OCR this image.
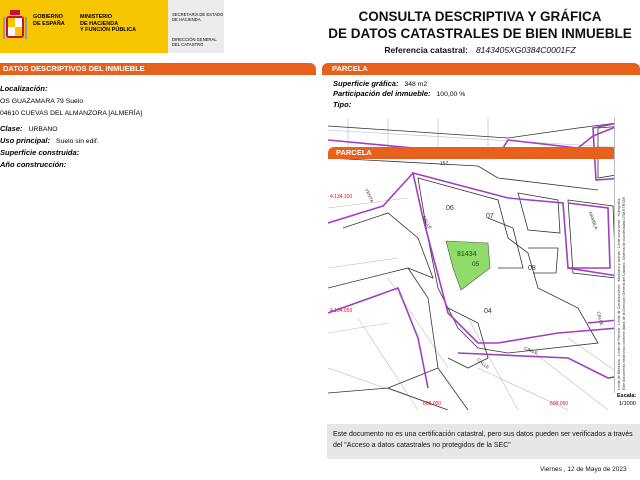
GOBIERNO
DE ESPAÑA
MINISTERIO
DE HACIENDA
Y FUNCIÓN PÚBLICA
SECRETARÍA DE ESTADO
DE HACIENDA
DIRECCIÓN GENERAL
DEL CATASTRO
CONSULTA DESCRIPTIVA Y GRÁFICA
DE DATOS CATASTRALES DE BIEN INMUEBLE
Referencia catastral: 8143405XG0384C0001FZ
DATOS DESCRIPTIVOS DEL INMUEBLE	PARCELA
Localización:
OS GUAZAMARA 79 Suelo
04610 CUEVAS DEL ALMANZORA [ALMERÍA]
Clase: URBANO
Uso principal: Suelo sin edif.
Superficie construida:
Año construcción:
Superficie gráfica: 348 m2
Participación del inmueble: 100,00 %
Tipo:
81434
05
06
07
08
04
157
VENTA
CALLE	RAMBLA
CALLE
CALLE
CALLE
4.134.100
4.134.050
608.000	608.050
PARCELA
Límite de Manzana · Límite de Parcela · Límite de Construcciones · Mobiliario y aceras · Límite zona verde · Hidrografía
Este documento electrónico contiene datos de la Dirección General del Catastro. Sistema de coordenadas UTM ETRS89
Escala:
1/1000
Este documento no es una certificación catastral, pero sus datos pueden ser verificados a través del "Acceso a datos catastrales no protegidos de la SEC"
Viernes , 12 de Mayo de 2023
